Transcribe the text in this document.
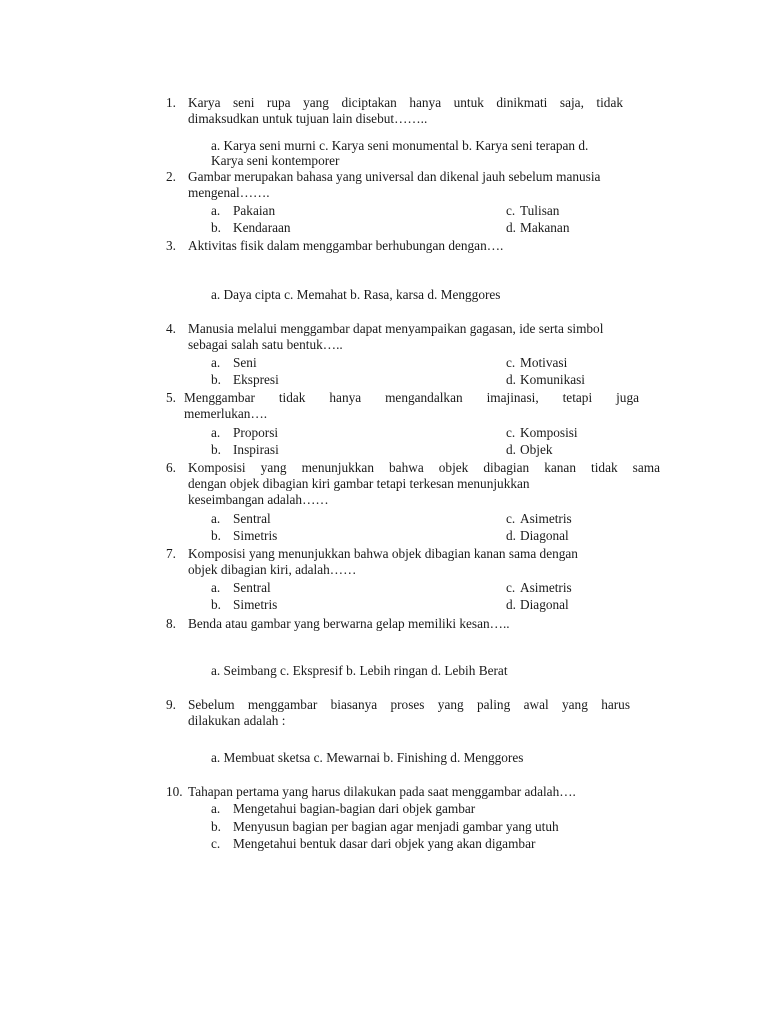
1. Karya seni rupa yang diciptakan hanya untuk dinikmati saja, tidak
dimaksudkan untuk tujuan lain disebut……..
a. Karya seni murni c. Karya seni monumental b. Karya seni terapan d.
Karya seni kontemporer
2. Gambar merupakan bahasa yang universal dan dikenal jauh sebelum manusia
mengenal…….
a. Pakaian	c. Tulisan
b. Kendaraan	d. Makanan
3. Aktivitas fisik dalam menggambar berhubungan dengan….
a. Daya cipta c. Memahat b. Rasa, karsa d. Menggores
4. Manusia melalui menggambar dapat menyampaikan gagasan, ide serta simbol
sebagai salah satu bentuk…..
a. Seni	c. Motivasi
b. Ekspresi	d. Komunikasi
5. Menggambar tidak hanya mengandalkan imajinasi, tetapi juga
memerlukan….
a. Proporsi	c. Komposisi
b. Inspirasi	d. Objek
6. Komposisi yang menunjukkan bahwa objek dibagian kanan tidak sama
dengan objek dibagian kiri gambar tetapi terkesan menunjukkan
keseimbangan adalah……
a. Sentral	c. Asimetris
b. Simetris	d. Diagonal
7. Komposisi yang menunjukkan bahwa objek dibagian kanan sama dengan
objek dibagian kiri, adalah……
a. Sentral	c. Asimetris
b. Simetris	d. Diagonal
8. Benda atau gambar yang berwarna gelap memiliki kesan…..
a. Seimbang c. Ekspresif b. Lebih ringan d. Lebih Berat
9. Sebelum menggambar biasanya proses yang paling awal yang harus
dilakukan adalah :
a. Membuat sketsa c. Mewarnai b. Finishing d. Menggores
10. Tahapan pertama yang harus dilakukan pada saat menggambar adalah….
a. Mengetahui bagian-bagian dari objek gambar
b. Menyusun bagian per bagian agar menjadi gambar yang utuh
c. Mengetahui bentuk dasar dari objek yang akan digambar
